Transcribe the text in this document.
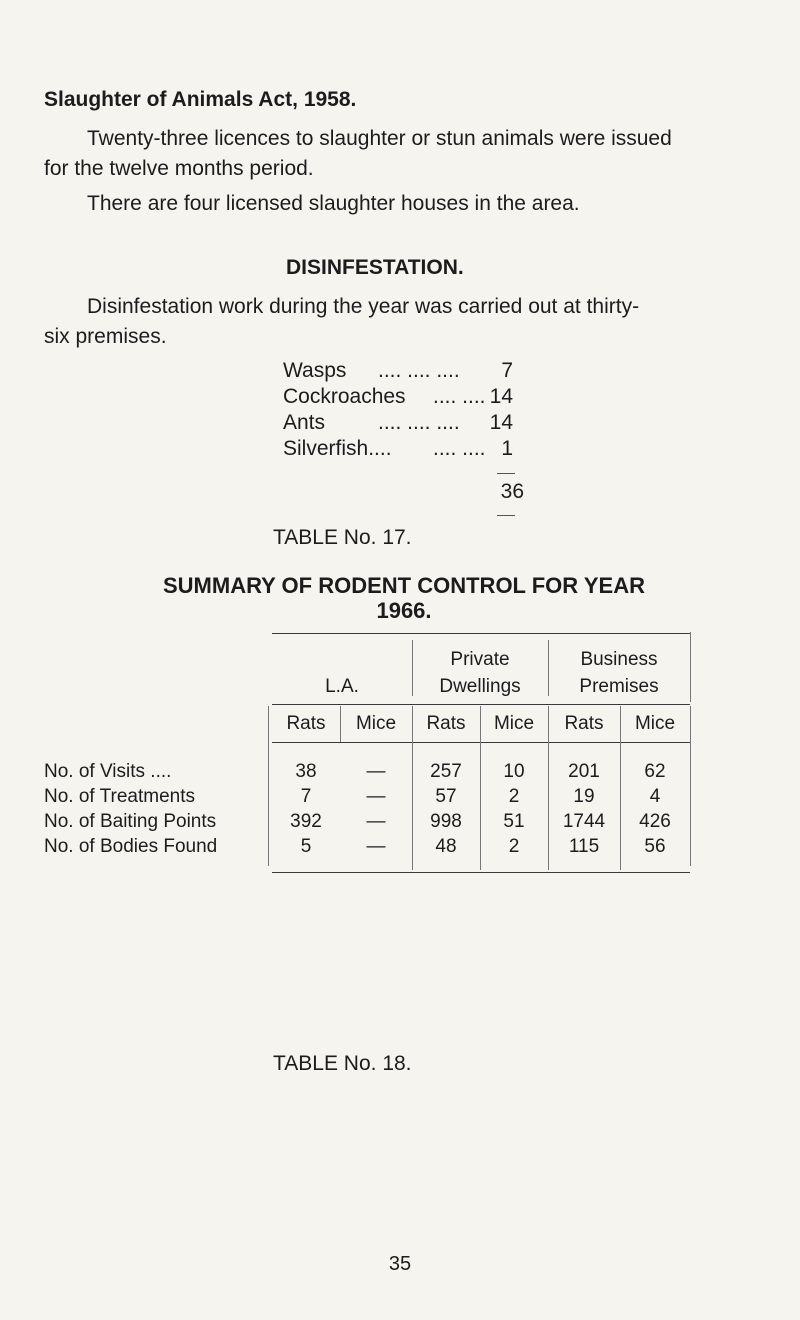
Slaughter of Animals Act, 1958.
Twenty-three licences to slaughter or stun animals were issued
for the twelve months period.
There are four licensed slaughter houses in the area.
DISINFESTATION.
Disinfestation work during the year was carried out at thirty-
six premises.
Wasps .... .... .... 7
Cockroaches .... .... 14
Ants	.... .... .... 14
Silverfish.... .... .... 1
36
TABLE No. 17.
SUMMARY OF RODENT CONTROL FOR YEAR
1966.
L.A.
Private
Dwellings
Business
Premises
Rats	Mice	Rats	Mice	Rats	Mice
No. of Visits ....	38	—	257	10	201	62
No. of Treatments	7	—	57	2	19	4
No. of Baiting Points	392	—	998	51	1744	426
No. of Bodies Found	5	—	48	2	115	56
TABLE No. 18.
35
